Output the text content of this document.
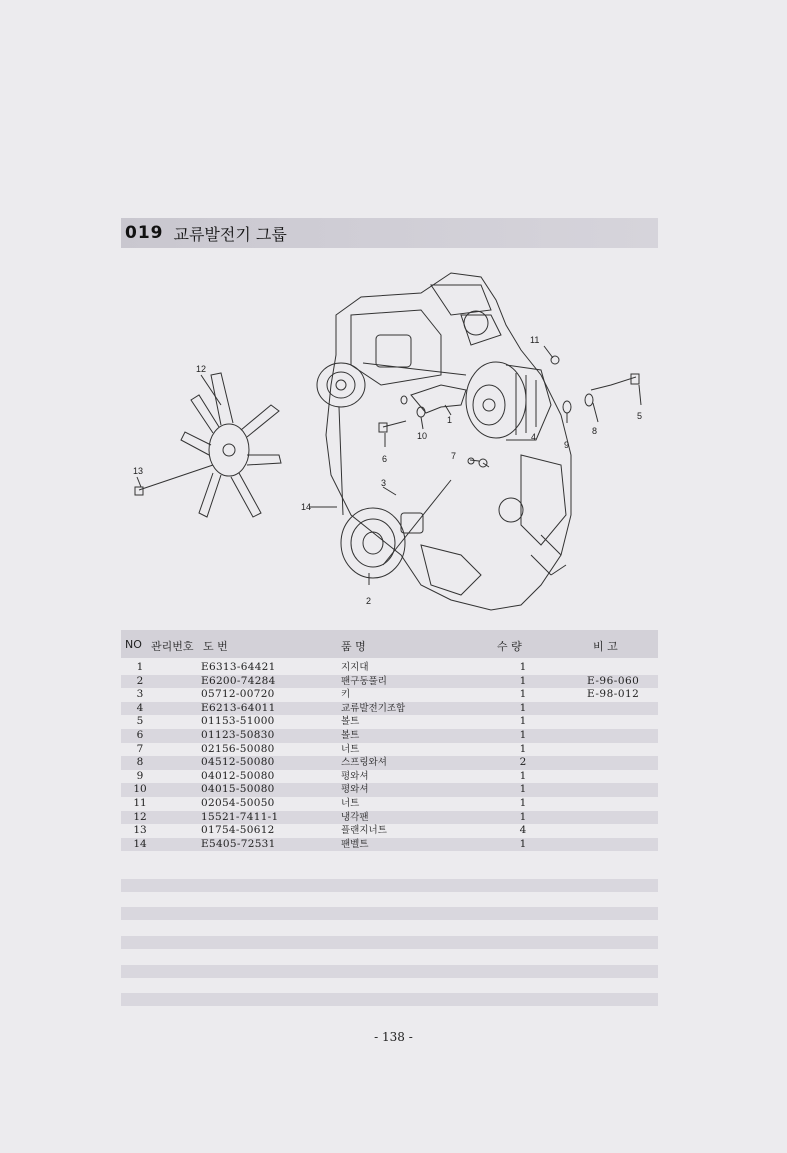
019 교류발전기 그룹
1
2
3
4
5
6	7
8
9
10
11
12
13
14
NO 관리번호 도 번	품 명	수 량	비 고
1	E6313-64421	지지대	1
2	E6200-74284	팬구동풀리	1	E-96-060
3	05712-00720	키	1	E-98-012
4	E6213-64011	교류발전기조합	1
5	01153-51000	볼트	1
6	01123-50830	볼트	1
7	02156-50080	너트	1
8	04512-50080	스프링와셔	2
9	04012-50080	평와셔	1
10	04015-50080	평와셔	1
11	02054-50050	너트	1
12	15521-7411-1	냉각팬	1
13	01754-50612	플랜지너트	4
14	E5405-72531	팬벨트	1
- 138 -
